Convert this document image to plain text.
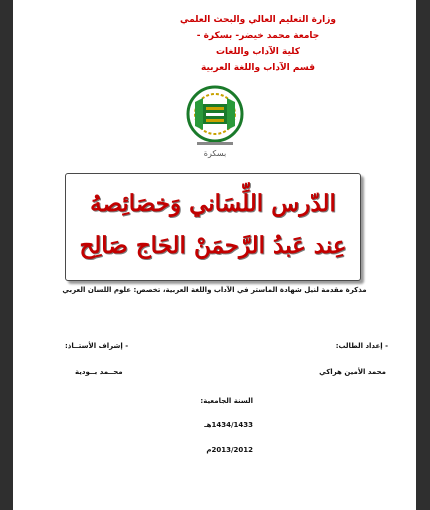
وزارة التعليم العالي والبحث العلمي
جامعة محمد خيضر- بسكرة -
كلية الآداب واللغات
قسم الآداب واللغة العربية
بسكرة
الدّرس اللِّسَاني وَخصَائِصهُ
عِند عَبدُ الرَّحمَنْ الحَاج صَالِح
مذكرة مقدمة لنيل شهادة الماستر في الآداب واللغة العربية، تخصص: علوم اللسان العربي
- إعداد الطالب:
- إشراف الأستــاذ:
محمد الأمين هراكي
محــمد بــودية
السنة الجامعية:
1434/1433هـ
2013/2012م
